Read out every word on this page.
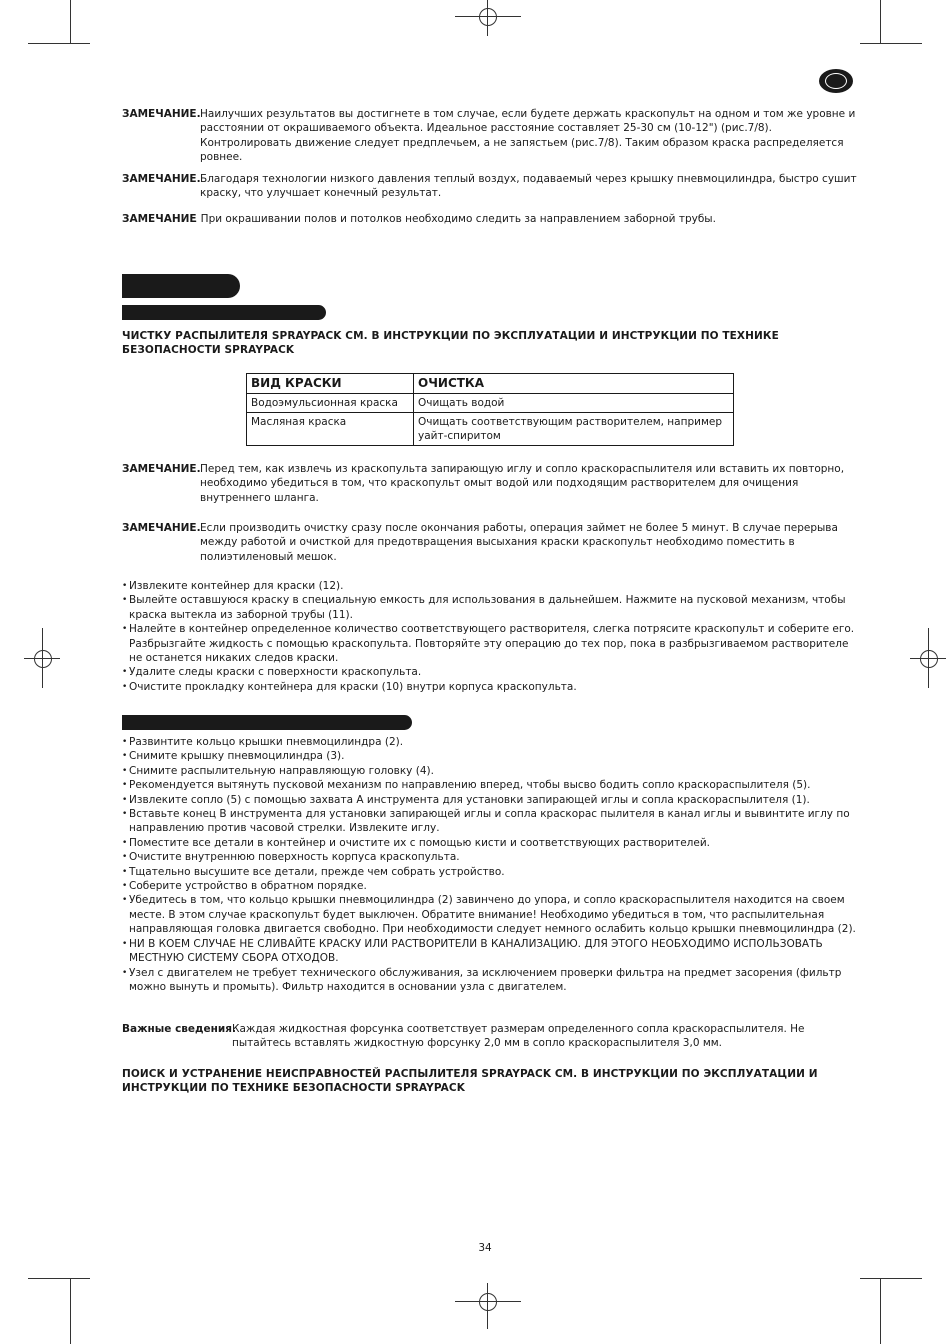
ЗАМЕЧАНИЕ. Наилучших результатов вы достигнете в том случае, если будете держать краскопульт на одном и том же уровне и расстоянии от окрашиваемого объекта. Идеальное расстояние составляет 25-30 см (10-12") (рис.7/8). Контролировать движение следует предплечьем, а не запястьем (рис.7/8). Таким образом краска распределяется ровнее.
ЗАМЕЧАНИЕ. Благодаря технологии низкого давления теплый воздух, подаваемый через крышку пневмоцилиндра, быстро сушит краску, что улучшает конечный результат.
ЗАМЕЧАНИЕ
. При окрашивании полов и потолков необходимо следить за направлением заборной трубы.
ЧИСТКУ РАСПЫЛИТЕЛЯ SPRAYPACK СМ. В ИНСТРУКЦИИ ПО ЭКСПЛУАТАЦИИ И ИНСТРУКЦИИ ПО ТЕХНИКЕ БЕЗОПАСНОСТИ SPRAYPACK
ВИД КРАСКИ	ОЧИСТКА
Водоэмульсионная краска	Очищать водой
Масляная краска	Очищать соответствующим растворителем, например уайт-спиритом
ЗАМЕЧАНИЕ. Перед тем, как извлечь из краскопульта запирающую иглу и сопло краскораспылителя или вставить их повторно, необходимо убедиться в том, что краскопульт омыт водой или подходящим растворителем для очищения внутреннего шланга.
ЗАМЕЧАНИЕ. Если производить очистку сразу после окончания работы, операция займет не более 5 минут. В случае перерыва между работой и очисткой для предотвращения высыхания краски краскопульт необходимо поместить в полиэтиленовый мешок.
• Извлеките контейнер для краски (12).
• Вылейте оставшуюся краску в специальную емкость для использования в дальнейшем. Нажмите на пусковой механизм, чтобы краска вытекла из заборной трубы (11).
• Налейте в контейнер определенное количество соответствующего растворителя, слегка потрясите краскопульт и соберите его. Разбрызгайте жидкость с помощью краскопульта. Повторяйте эту операцию до тех пор, пока в разбрызгиваемом растворителе не останется никаких следов краски.
• Удалите следы краски с поверхности краскопульта.
• Очистите прокладку контейнера для краски (10) внутри корпуса краскопульта.
• Развинтите кольцо крышки пневмоцилиндра (2).
• Снимите крышку пневмоцилиндра (3).
• Снимите распылительную направляющую головку (4).
• Рекомендуется вытянуть пусковой механизм по направлению вперед, чтобы высво бодить сопло краскораспылителя (5).
• Извлеките сопло (5) с помощью захвата A инструмента для установки запирающей иглы и сопла краскораспылителя (1).
• Вставьте конец B инструмента для установки запирающей иглы и сопла краскорас пылителя в канал иглы и вывинтите иглу по направлению против часовой стрелки. Извлеките иглу.
• Поместите все детали в контейнер и очистите их с помощью кисти и соответствующих растворителей.
• Очистите внутреннюю поверхность корпуса краскопульта.
• Тщательно высушите все детали, прежде чем собрать устройство.
• Соберите устройство в обратном порядке.
• Убедитесь в том, что кольцо крышки пневмоцилиндра (2) завинчено до упора, и сопло краскораспылителя находится на своем месте. В этом случае краскопульт будет выключен. Обратите внимание! Необходимо убедиться в том, что распылительная направляющая головка двигается свободно. При необходимости следует немного ослабить кольцо крышки пневмоцилиндра (2).
• НИ В КОЕМ СЛУЧАЕ НЕ СЛИВАЙТЕ КРАСКУ ИЛИ РАСТВОРИТЕЛИ В КАНАЛИЗАЦИЮ. ДЛЯ ЭТОГО НЕОБХОДИМО ИСПОЛЬЗОВАТЬ МЕСТНУЮ СИСТЕМУ СБОРА ОТХОДОВ.
• Узел с двигателем не требует технического обслуживания, за исключением проверки фильтра на предмет засорения (фильтр можно вынуть и промыть). Фильтр находится в основании узла с двигателем.
Важные сведения.
Каждая жидкостная форсунка соответствует размерам определенного сопла краскораспылителя. Не пытайтесь вставлять жидкостную форсунку 2,0 мм в сопло краскораспылителя 3,0 мм.
ПОИСК И УСТРАНЕНИЕ НЕИСПРАВНОСТЕЙ РАСПЫЛИТЕЛЯ SPRAYPACK СМ. В ИНСТРУКЦИИ ПО ЭКСПЛУАТАЦИИ И ИНСТРУКЦИИ ПО ТЕХНИКЕ БЕЗОПАСНОСТИ SPRAYPACK
34
